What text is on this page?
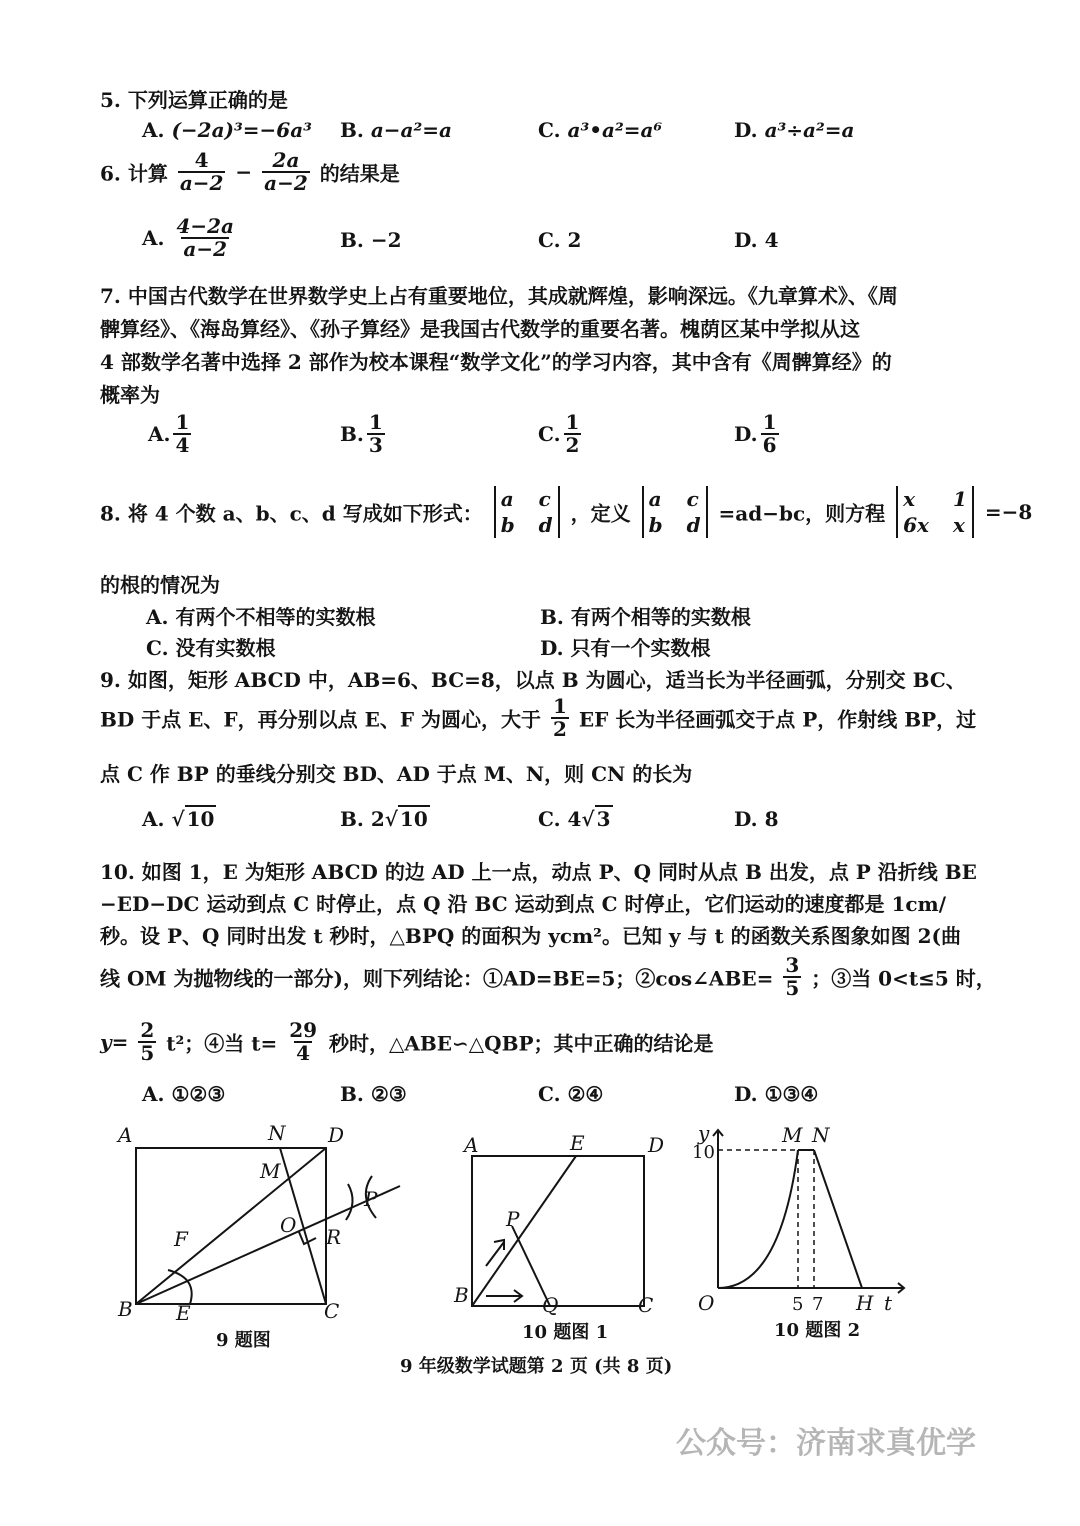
5. 下列运算正确的是
A. (−2a)³=−6a³ B. a−a²=a	C. a³•a²=a⁶	D. a³÷a²=a
6. 计算 $\frac{4}{a-2} - \frac{2a}{a-2}$ 的结果是
A. $\frac{4-2a}{a-2}$	B. −2	C. 2	D. 4
7. 中国古代数学在世界数学史上占有重要地位，其成就辉煌，影响深远。《九章算术》、《周
髀算经》、《海岛算经》、《孙子算经》是我国古代数学的重要名著。槐荫区某中学拟从这
4 部数学名著中选择 2 部作为校本课程“数学文化”的学习内容，其中含有《周髀算经》的
概率为
A. $\frac{1}{4}$	B. $\frac{1}{3}$	C. $\frac{1}{2}$	D. $\frac{1}{6}$
8. 将 4 个数 a、b、c、d 写成如下形式：
a c
b d ，定义
a c
b d =ad−bc，则方程
x	1
6x x
=−8
的根的情况为
A. 有两个不相等的实数根	B. 有两个相等的实数根
C. 没有实数根	D. 只有一个实数根
9. 如图，矩形 ABCD 中，AB=6、BC=8，以点 B 为圆心，适当长为半径画弧，分别交 BC、
BD 于点 E、F，再分别以点 E、F 为圆心，大于 $\frac{1}{2}$ EF 长为半径画弧交于点 P，作射线 BP，过
点 C 作 BP 的垂线分别交 BD、AD 于点 M、N，则 CN 的长为
A. √ 10	B. 2√ 10	C. 4√ 3	D. 8
10. 如图 1，E 为矩形 ABCD 的边 AD 上一点，动点 P、Q 同时从点 B 出发，点 P 沿折线 BE
−ED−DC 运动到点 C 时停止，点 Q 沿 BC 运动到点 C 时停止，它们运动的速度都是 1cm/
秒。设 P、Q 同时出发 t 秒时，△BPQ 的面积为 ycm²。已知 y 与 t 的函数关系图象如图 2(曲
线 OM 为抛物线的一部分)，则下列结论：①AD=BE=5；②cos∠ABE= $\frac{3}{5}$ ；③当 0<t≤5 时，
$y= \frac{2}{5} t^2$；④当 $t= \frac{29}{4}$ 秒时，△ABE∽△QBP；其中正确的结论是
A. ①②③	B. ②③	C. ②④	D. ①③④
A	N D
M
O
P
F	R
B E	C
9 题图
A	E	D
P
B	Q	C
10 题图 1
y	M N
10
O	5 7 H t
10 题图 2
9 年级数学试题第 2 页 (共 8 页)
公众号：济南求真优学
